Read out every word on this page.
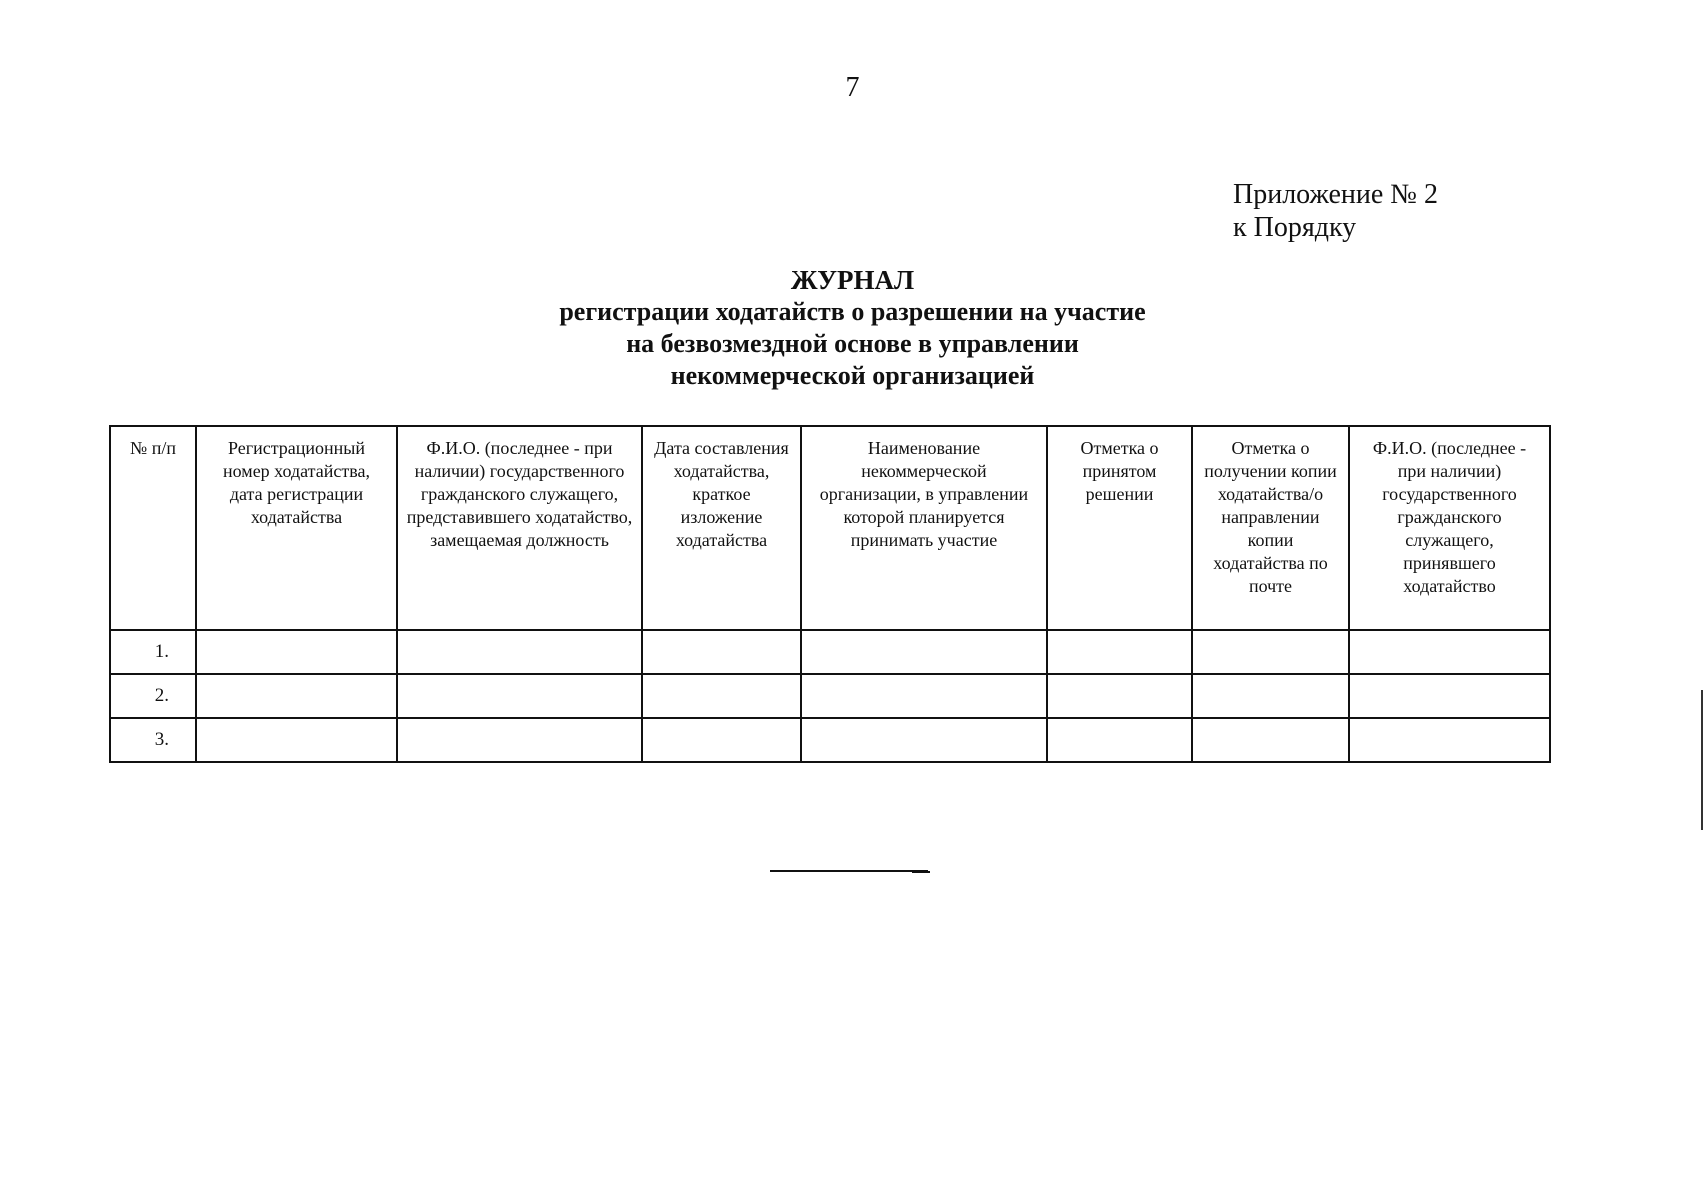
7
Приложение № 2
к Порядку
ЖУРНАЛ
регистрации ходатайств о разрешении на участие
на безвозмездной основе в управлении
некоммерческой организацией
№ п/п	Регистрационный номер ходатайства, дата регистрации ходатайства	Ф.И.О. (последнее - при наличии) государственного гражданского служащего, представившего ходатайство, замещаемая должность	Дата составления ходатайства, краткое изложение ходатайства	Наименование некоммерческой организации, в управлении которой планируется принимать участие	Отметка о принятом решении	Отметка о получении копии ходатайства/о направлении копии ходатайства по почте	Ф.И.О. (последнее - при наличии) государственного гражданского служащего, принявшего ходатайство
1.							
2.							
3.							
